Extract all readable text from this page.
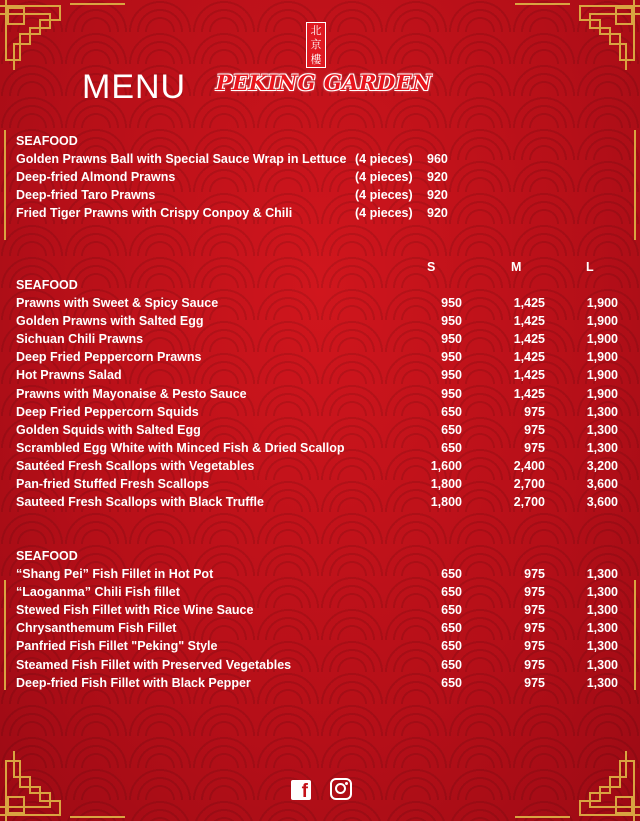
MENU
北
京
樓
PEKING GARDEN
SEAFOOD
Golden Prawns Ball with Special Sauce Wrap in Lettuce (4 pieces) 960
Deep-fried Almond Prawns	(4 pieces) 920
Deep-fried Taro Prawns	(4 pieces) 920
Fried Tiger Prawns with Crispy Conpoy & Chili	(4 pieces) 920
S	M	L
SEAFOOD
Prawns with Sweet & Spicy Sauce	950	1,425	1,900
Golden Prawns with Salted Egg	950	1,425	1,900
Sichuan Chili Prawns	950	1,425	1,900
Deep Fried Peppercorn Prawns	950	1,425	1,900
Hot Prawns Salad	950	1,425	1,900
Prawns with Mayonaise & Pesto Sauce	950	1,425	1,900
Deep Fried Peppercorn Squids	650	975	1,300
Golden Squids with Salted Egg	650	975	1,300
Scrambled Egg White with Minced Fish & Dried Scallop	650	975	1,300
Sautéed Fresh Scallops with Vegetables	1,600	2,400	3,200
Pan-fried Stuffed Fresh Scallops	1,800	2,700	3,600
Sauteed Fresh Scallops with Black Truffle	1,800	2,700	3,600
SEAFOOD
“Shang Pei” Fish Fillet in Hot Pot	650	975	1,300
“Laoganma” Chili Fish fillet	650	975	1,300
Stewed Fish Fillet with Rice Wine Sauce	650	975	1,300
Chrysanthemum Fish Fillet	650	975	1,300
Panfried Fish Fillet "Peking" Style	650	975	1,300
Steamed Fish Fillet with Preserved Vegetables	650	975	1,300
Deep-fried Fish Fillet with Black Pepper	650	975	1,300
f
